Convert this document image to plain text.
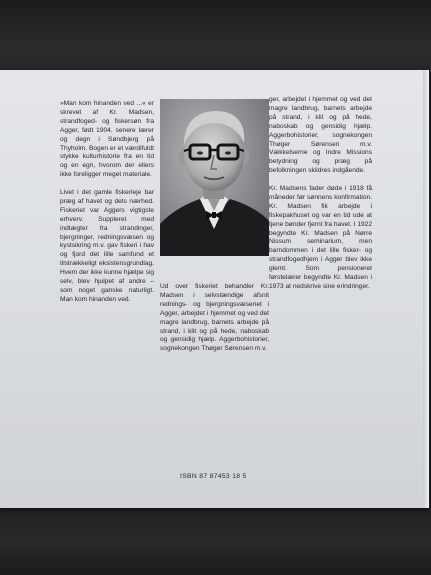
»Man kom hinanden ved ...« er skrevet af Kr. Madsen, strandfoged- og fiskersøn fra Agger, født 1904, senere lærer og degn i Søndbjerg på Thyholm. Bogen er et værdifuldt stykke kulturhistorie fra en tid og en egn, hvorom der ellers ikke foreligger meget materiale.

Livet i det gamle fiskerleje bar præg af havet og dets nærhed. Fiskeriet var Aggers vigtigste erhverv. Suppleret med indtægter fra strandinger, bjergninger, redningsvæsen og kystsikring m.v. gav fiskeri i hav og fjord det lille samfund et tilstrækkeligt eksistensgrundlag. Hvem der ikke kunne hjælpe sig selv, blev hjulpet af andre – som noget ganske naturligt. Man kom hinanden ved.

Ud over fiskeriet behandler Kr. Madsen i selvstændige afsnit rednings- og bjergningsvæsenet i Agger, arbejdet i hjemmet og ved det magre landbrug, barnets arbejde på strand, i klit og på hede, naboskab og gensidig hjælp. Aggerbohistorier, sognekongen Thøger Sørensen m.v.

ger, arbejdet i hjemmet og ved det magre landbrug, barnets arbejde på strand, i klit og på hede, naboskab og gensidig hjælp. Aggerbohistorier, sognekongen Thøger Sørensen m.v. Vækkelserne og Indre Missions betydning og præg på befolkningen skildres indgående.

Kr. Madsens fader døde i 1918 få måneder før sønnens konfirmation. Kr. Madsen fik arbejde i fiskepakhuset og var en tid ude at tjene bønder fjernt fra havet. I 1922 begyndte Kr. Madsen på Nørre Nissum seminarium, men barndommen i det lille fisker- og strandfogedhjem i Agger blev ikke glemt. Som pensioneret førstelærer begyndte Kr. Madsen i 1973 at nedskrive sine erindringer.

ISBN 87 87453 18 5
